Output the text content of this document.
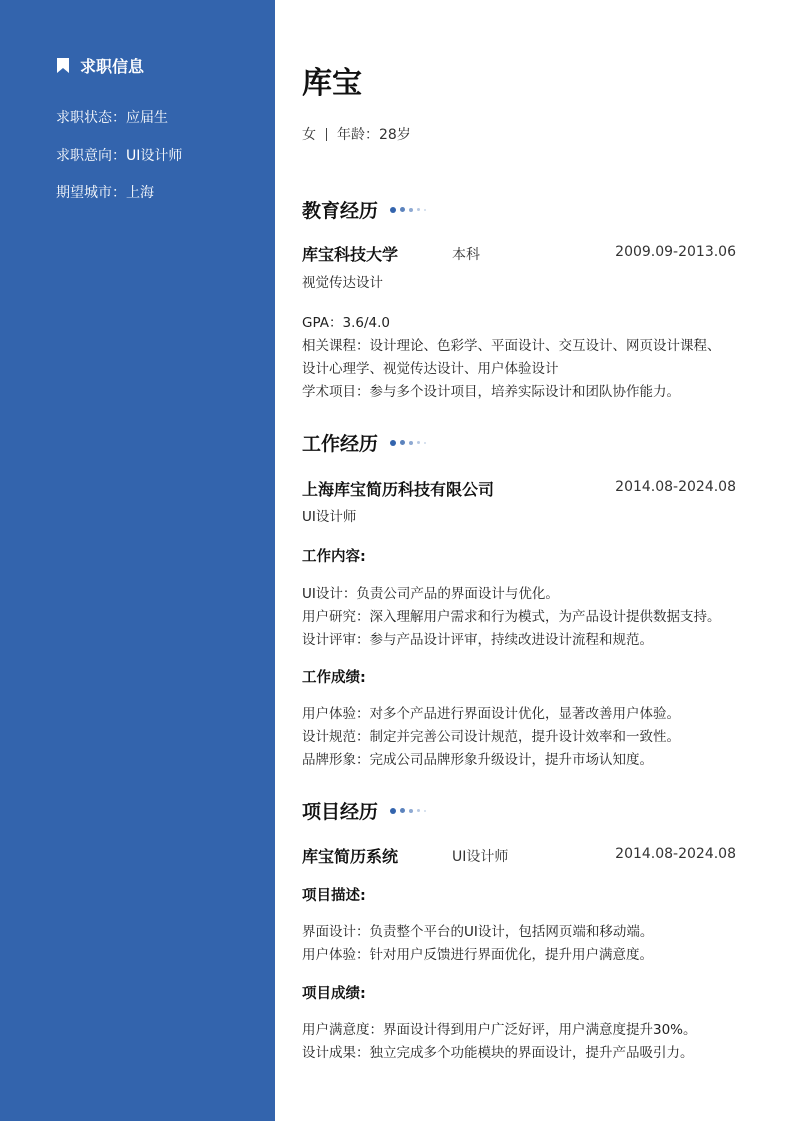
求职信息
求职状态：应届生
求职意向：UI设计师
期望城市：上海
库宝
女 年龄： 28岁
教育经历
库宝科技大学	本科	2009.09-2013.06
视觉传达设计
GPA：3.6/4.0
相关课程：设计理论、色彩学、平面设计、交互设计、网页设计课程、
设计心理学、视觉传达设计、用户体验设计
学术项目：参与多个设计项目，培养实际设计和团队协作能力。
工作经历
上海库宝简历科技有限公司	2014.08-2024.08
UI设计师
工作内容:
UI设计：负责公司产品的界面设计与优化。
用户研究：深入理解用户需求和行为模式，为产品设计提供数据支持。
设计评审：参与产品设计评审，持续改进设计流程和规范。
工作成绩:
用户体验：对多个产品进行界面设计优化，显著改善用户体验。
设计规范：制定并完善公司设计规范，提升设计效率和一致性。
品牌形象：完成公司品牌形象升级设计，提升市场认知度。
项目经历
库宝简历系统	UI设计师	2014.08-2024.08
项目描述:
界面设计：负责整个平台的UI设计，包括网页端和移动端。
用户体验：针对用户反馈进行界面优化，提升用户满意度。
项目成绩:
用户满意度：界面设计得到用户广泛好评，用户满意度提升30%。
设计成果：独立完成多个功能模块的界面设计，提升产品吸引力。
